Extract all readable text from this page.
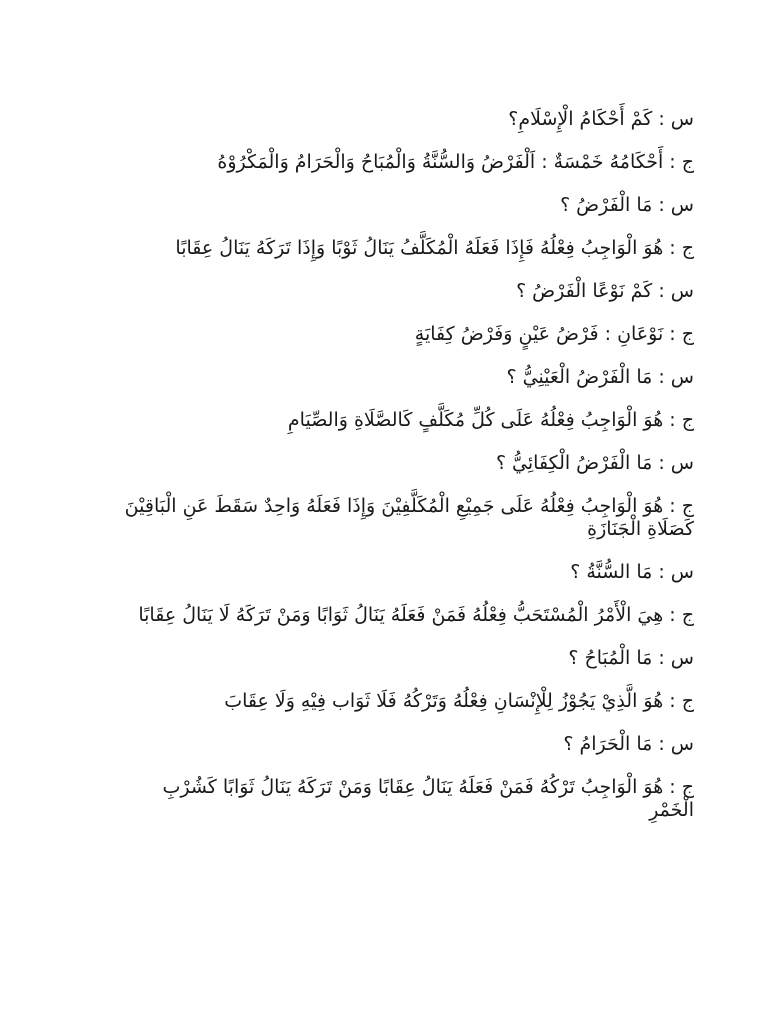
س : كَمْ أَحْكَامُ الْإِسْلَامِ؟

ج : أَحْكَامُهُ خَمْسَةٌ : اَلْفَرْضُ وَالسُّنَّةُ وَالْمُبَاحُ وَالْحَرَامُ وَالْمَكْرُوْهُ

س : مَا الْفَرْضُ ؟

ج : هُوَ الْوَاجِبُ فِعْلُهُ فَإِذَا فَعَلَهُ الْمُكَلَّفُ يَنَالُ ثَوْبًا وَإِذَا تَرَكَهُ يَنَالُ عِقَابًا

س : كَمْ نَوْعًا الْفَرْضُ ؟

ج : نَوْعَانِ : فَرْضُ عَيْنٍ وَفَرْضُ كِفَايَةٍ

س : مَا الْفَرْضُ الْعَيْنِيُّ ؟

ج : هُوَ الْوَاجِبُ فِعْلُهُ عَلَى كُلِّ مُكَلَّفٍ كَالصَّلَاةِ وَالصِّيَامِ

س : مَا الْفَرْضُ الْكِفَائِيُّ ؟

ج : هُوَ الْوَاجِبُ فِعْلُهُ عَلَى جَمِيْعِ الْمُكَلَّفِيْنَ وَإِذَا فَعَلَهُ وَاحِدٌ سَقَطَ عَنِ الْبَاقِيْنَ كَصَلَاةِ الْجَنَازَةِ

س : مَا السُّنَّةُ ؟

ج : هِيَ الْأَمْرُ الْمُسْتَحَبُّ فِعْلُهُ فَمَنْ فَعَلَهُ يَنَالُ ثَوَابًا وَمَنْ تَرَكَهُ لَا يَنَالُ عِقَابًا

س : مَا الْمُبَاحُ ؟

ج : هُوَ الَّذِيْ يَجُوْزُ لِلْإِنْسَانِ فِعْلُهُ وَتَرْكُهُ فَلَا ثَوَاب فِيْهِ وَلَا عِقَابَ

س : مَا الْحَرَامُ ؟

ج : هُوَ الْوَاجِبُ تَرْكُهُ فَمَنْ فَعَلَهُ يَنَالُ عِقَابًا وَمَنْ تَرَكَهُ يَنَالُ ثَوَابًا كَشُرْبِ الْخَمْرِ
